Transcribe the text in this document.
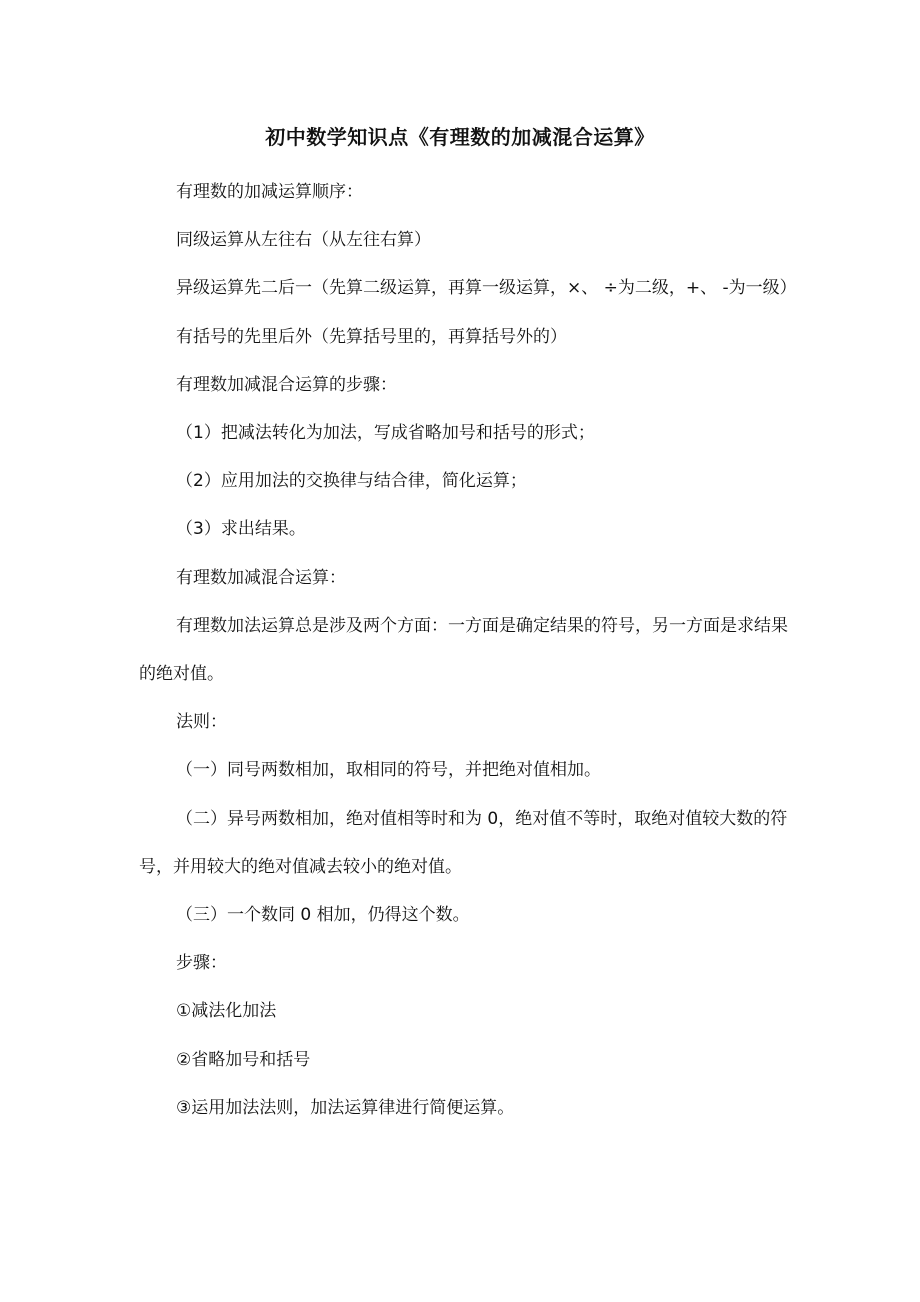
初中数学知识点《有理数的加减混合运算》

有理数的加减运算顺序：

同级运算从左往右（从左往右算）

异级运算先二后一（先算二级运算，再算一级运算，×、 ÷为二级，+、 -为一级）

有括号的先里后外（先算括号里的，再算括号外的）

有理数加减混合运算的步骤：

（1）把减法转化为加法，写成省略加号和括号的形式；

（2）应用加法的交换律与结合律，简化运算；

（3）求出结果。

有理数加减混合运算：

有理数加法运算总是涉及两个方面：一方面是确定结果的符号，另一方面是求结果的绝对值。

法则：

（一）同号两数相加，取相同的符号，并把绝对值相加。

（二）异号两数相加，绝对值相等时和为 0，绝对值不等时，取绝对值较大数的符号，并用较大的绝对值减去较小的绝对值。

（三）一个数同 0 相加，仍得这个数。

步骤：

①减法化加法

②省略加号和括号

③运用加法法则，加法运算律进行简便运算。
